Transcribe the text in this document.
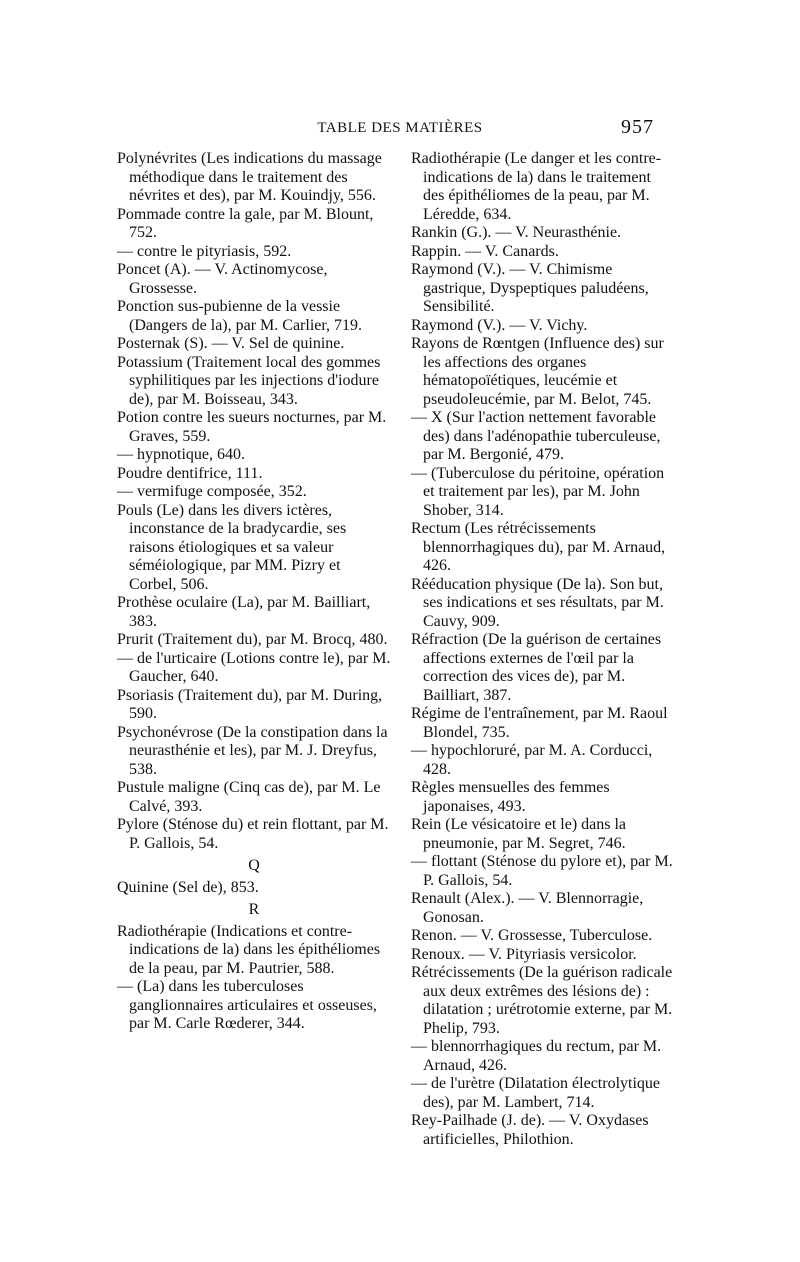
TABLE DES MATIÈRES	957

Polynévrites (Les indications du massage méthodique dans le traitement des névrites et des), par M. Kouindjy, 556.

Pommade contre la gale, par M. Blount, 752.

— contre le pityriasis, 592.

Poncet (A). — V. Actinomycose, Grossesse.

Ponction sus-pubienne de la vessie (Dangers de la), par M. Carlier, 719.

Posternak (S). — V. Sel de quinine.

Potassium (Traitement local des gommes syphilitiques par les injections d'iodure de), par M. Boisseau, 343.

Potion contre les sueurs nocturnes, par M. Graves, 559.

— hypnotique, 640.

Poudre dentifrice, 111.

— vermifuge composée, 352.

Pouls (Le) dans les divers ictères, inconstance de la bradycardie, ses raisons étiologiques et sa valeur séméiologique, par MM. Pizry et Corbel, 506.

Prothèse oculaire (La), par M. Bailliart, 383.

Prurit (Traitement du), par M. Brocq, 480.

— de l'urticaire (Lotions contre le), par M. Gaucher, 640.

Psoriasis (Traitement du), par M. During, 590.

Psychonévrose (De la constipation dans la neurasthénie et les), par M. J. Dreyfus, 538.

Pustule maligne (Cinq cas de), par M. Le Calvé, 393.

Pylore (Sténose du) et rein flottant, par M. P. Gallois, 54.

Q

Quinine (Sel de), 853.

R

Radiothérapie (Indications et contre-indications de la) dans les épithéliomes de la peau, par M. Pautrier, 588.

— (La) dans les tuberculoses ganglionnaires articulaires et osseuses, par M. Carle Rœderer, 344.

Radiothérapie (Le danger et les contre-indications de la) dans le traitement des épithéliomes de la peau, par M. Léredde, 634.

Rankin (G.). — V. Neurasthénie.

Rappin. — V. Canards.

Raymond (V.). — V. Chimisme gastrique, Dyspeptiques paludéens, Sensibilité.

Raymond (V.). — V. Vichy.

Rayons de Rœntgen (Influence des) sur les affections des organes hématopoïétiques, leucémie et pseudoleucémie, par M. Belot, 745.

— X (Sur l'action nettement favorable des) dans l'adénopathie tuberculeuse, par M. Bergonié, 479.

— (Tuberculose du péritoine, opération et traitement par les), par M. John Shober, 314.

Rectum (Les rétrécissements blennorrhagiques du), par M. Arnaud, 426.

Rééducation physique (De la). Son but, ses indications et ses résultats, par M. Cauvy, 909.

Réfraction (De la guérison de certaines affections externes de l'œil par la correction des vices de), par M. Bailliart, 387.

Régime de l'entraînement, par M. Raoul Blondel, 735.

— hypochloruré, par M. A. Corducci, 428.

Règles mensuelles des femmes japonaises, 493.

Rein (Le vésicatoire et le) dans la pneumonie, par M. Segret, 746.

— flottant (Sténose du pylore et), par M. P. Gallois, 54.

Renault (Alex.). — V. Blennorragie, Gonosan.

Renon. — V. Grossesse, Tuberculose.

Renoux. — V. Pityriasis versicolor.

Rétrécissements (De la guérison radicale aux deux extrêmes des lésions de) : dilatation ; urétrotomie externe, par M. Phelip, 793.

— blennorrhagiques du rectum, par M. Arnaud, 426.

— de l'urètre (Dilatation électrolytique des), par M. Lambert, 714.

Rey-Pailhade (J. de). — V. Oxydases artificielles, Philothion.
